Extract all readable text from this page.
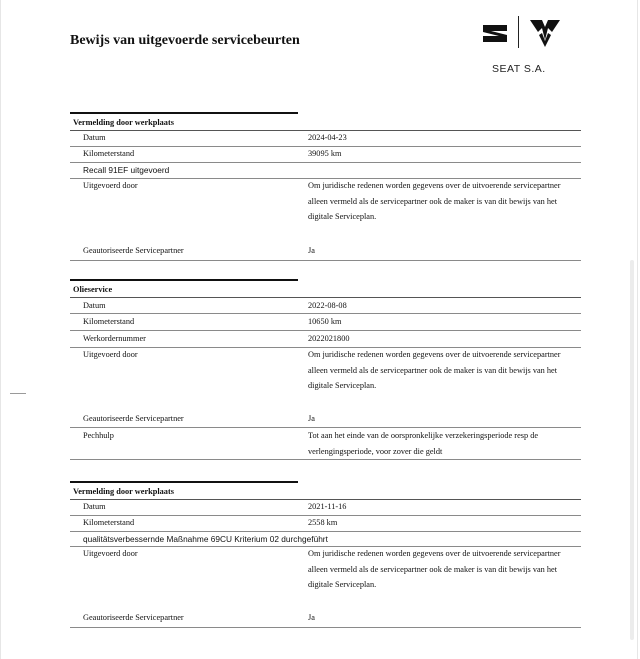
Bewijs van uitgevoerde servicebeurten
SEAT S.A.
Vermelding door werkplaats
Datum	2024-04-23
Kilometerstand	39095 km
Recall 91EF uitgevoerd
Uitgevoerd door	Om juridische redenen worden gegevens over de uitvoerende servicepartner alleen vermeld als de servicepartner ook de maker is van dit bewijs van het digitale Serviceplan.
Geautoriseerde Servicepartner	Ja
Olieservice
Datum	2022-08-08
Kilometerstand	10650 km
Werkordernummer	2022021800
Uitgevoerd door	Om juridische redenen worden gegevens over de uitvoerende servicepartner alleen vermeld als de servicepartner ook de maker is van dit bewijs van het digitale Serviceplan.
Geautoriseerde Servicepartner	Ja
Pechhulp	Tot aan het einde van de oorspronkelijke verzekeringsperiode resp de verlengingsperiode, voor zover die geldt
Vermelding door werkplaats
Datum	2021-11-16
Kilometerstand	2558 km
qualitätsverbessernde Maßnahme 69CU Kriterium 02 durchgeführt
Uitgevoerd door	Om juridische redenen worden gegevens over de uitvoerende servicepartner alleen vermeld als de servicepartner ook de maker is van dit bewijs van het digitale Serviceplan.
Geautoriseerde Servicepartner	Ja
